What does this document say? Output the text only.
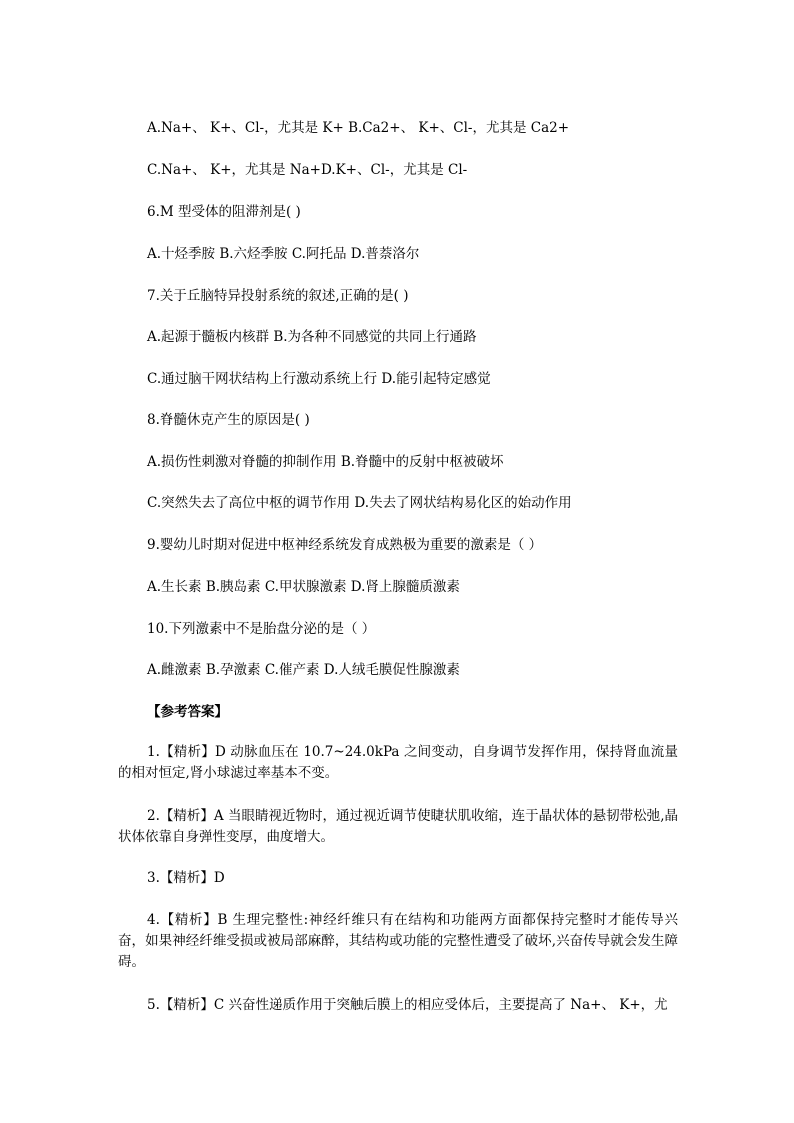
A.Na+、 K+、Cl-，尤其是 K+ B.Ca2+、 K+、Cl-，尤其是 Ca2+
C.Na+、 K+，尤其是 Na+D.K+、Cl-，尤其是 Cl-
6.M 型受体的阻滞剂是( )
A.十烃季胺 B.六烃季胺 C.阿托品 D.普萘洛尔
7.关于丘脑特异投射系统的叙述,正确的是( )
A.起源于髓板内核群 B.为各种不同感觉的共同上行通路
C.通过脑干网状结构上行激动系统上行 D.能引起特定感觉
8.脊髓休克产生的原因是( )
A.损伤性刺激对脊髓的抑制作用 B.脊髓中的反射中枢被破坏
C.突然失去了高位中枢的调节作用 D.失去了网状结构易化区的始动作用
9.婴幼儿时期对促进中枢神经系统发育成熟极为重要的激素是（ ）
A.生长素 B.胰岛素 C.甲状腺激素 D.肾上腺髓质激素
10.下列激素中不是胎盘分泌的是（ ）
A.雌激素 B.孕激素 C.催产素 D.人绒毛膜促性腺激素
【参考答案】
1.【精析】D 动脉血压在 10.7~24.0kPa 之间变动，自身调节发挥作用，保持肾血流量的相对恒定,肾小球滤过率基本不变。
2.【精析】A 当眼睛视近物时，通过视近调节使睫状肌收缩，连于晶状体的悬韧带松弛,晶状体依靠自身弹性变厚，曲度增大。
3.【精析】D
4.【精析】B 生理完整性:神经纤维只有在结构和功能两方面都保持完整时才能传导兴奋，如果神经纤维受损或被局部麻醉，其结构或功能的完整性遭受了破坏,兴奋传导就会发生障碍。
5.【精析】C 兴奋性递质作用于突触后膜上的相应受体后，主要提高了 Na+、 K+，尤
